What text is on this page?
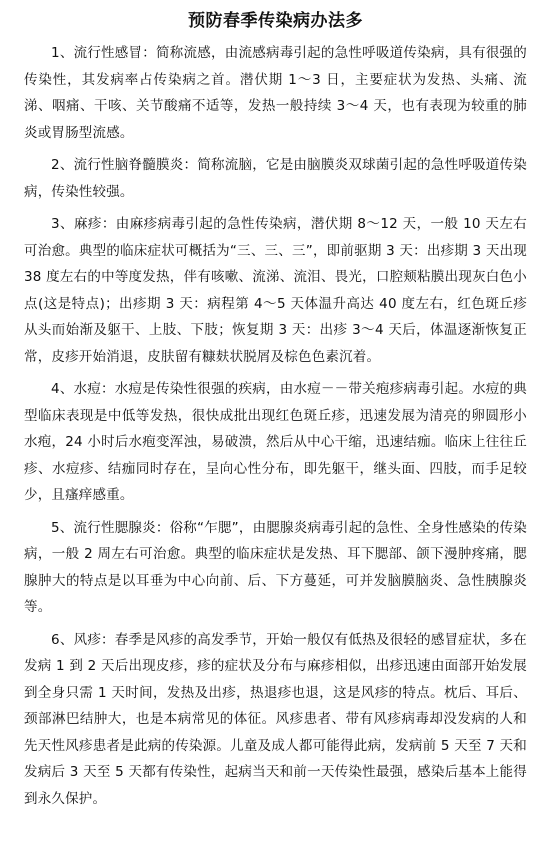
预防春季传染病办法多

1、流行性感冒：简称流感，由流感病毒引起的急性呼吸道传染病，具有很强的传染性，其发病率占传染病之首。潜伏期 1～3 日，主要症状为发热、头痛、流涕、咽痛、干咳、关节酸痛不适等，发热一般持续 3～4 天，也有表现为较重的肺炎或胃肠型流感。

2、流行性脑脊髓膜炎：简称流脑，它是由脑膜炎双球菌引起的急性呼吸道传染病，传染性较强。

3、麻疹：由麻疹病毒引起的急性传染病，潜伏期 8～12 天，一般 10 天左右可治愈。典型的临床症状可概括为“三、三、三”，即前驱期 3 天：出疹期 3 天出现 38 度左右的中等度发热，伴有咳嗽、流涕、流泪、畏光，口腔颊粘膜出现灰白色小点(这是特点)；出疹期 3 天：病程第 4～5 天体温升高达 40 度左右，红色斑丘疹从头而始渐及躯干、上肢、下肢；恢复期 3 天：出疹 3～4 天后，体温逐渐恢复正常，皮疹开始消退，皮肤留有糠麸状脱屑及棕色色素沉着。

4、水痘：水痘是传染性很强的疾病，由水痘－－带关疱疹病毒引起。水痘的典型临床表现是中低等发热，很快成批出现红色斑丘疹，迅速发展为清亮的卵圆形小水疱，24 小时后水疱变浑浊，易破溃，然后从中心干缩，迅速结痂。临床上往往丘疹、水痘疹、结痂同时存在，呈向心性分布，即先躯干，继头面、四肢，而手足较少，且瘙痒感重。

5、流行性腮腺炎：俗称“乍腮”，由腮腺炎病毒引起的急性、全身性感染的传染病，一般 2 周左右可治愈。典型的临床症状是发热、耳下腮部、颌下漫肿疼痛，腮腺肿大的特点是以耳垂为中心向前、后、下方蔓延，可并发脑膜脑炎、急性胰腺炎等。

6、风疹：春季是风疹的高发季节，开始一般仅有低热及很轻的感冒症状，多在发病 1 到 2 天后出现皮疹，疹的症状及分布与麻疹相似，出疹迅速由面部开始发展到全身只需 1 天时间，发热及出疹，热退疹也退，这是风疹的特点。枕后、耳后、颈部淋巴结肿大，也是本病常见的体征。风疹患者、带有风疹病毒却没发病的人和先天性风疹患者是此病的传染源。儿童及成人都可能得此病，发病前 5 天至 7 天和发病后 3 天至 5 天都有传染性，起病当天和前一天传染性最强，感染后基本上能得到永久保护。
